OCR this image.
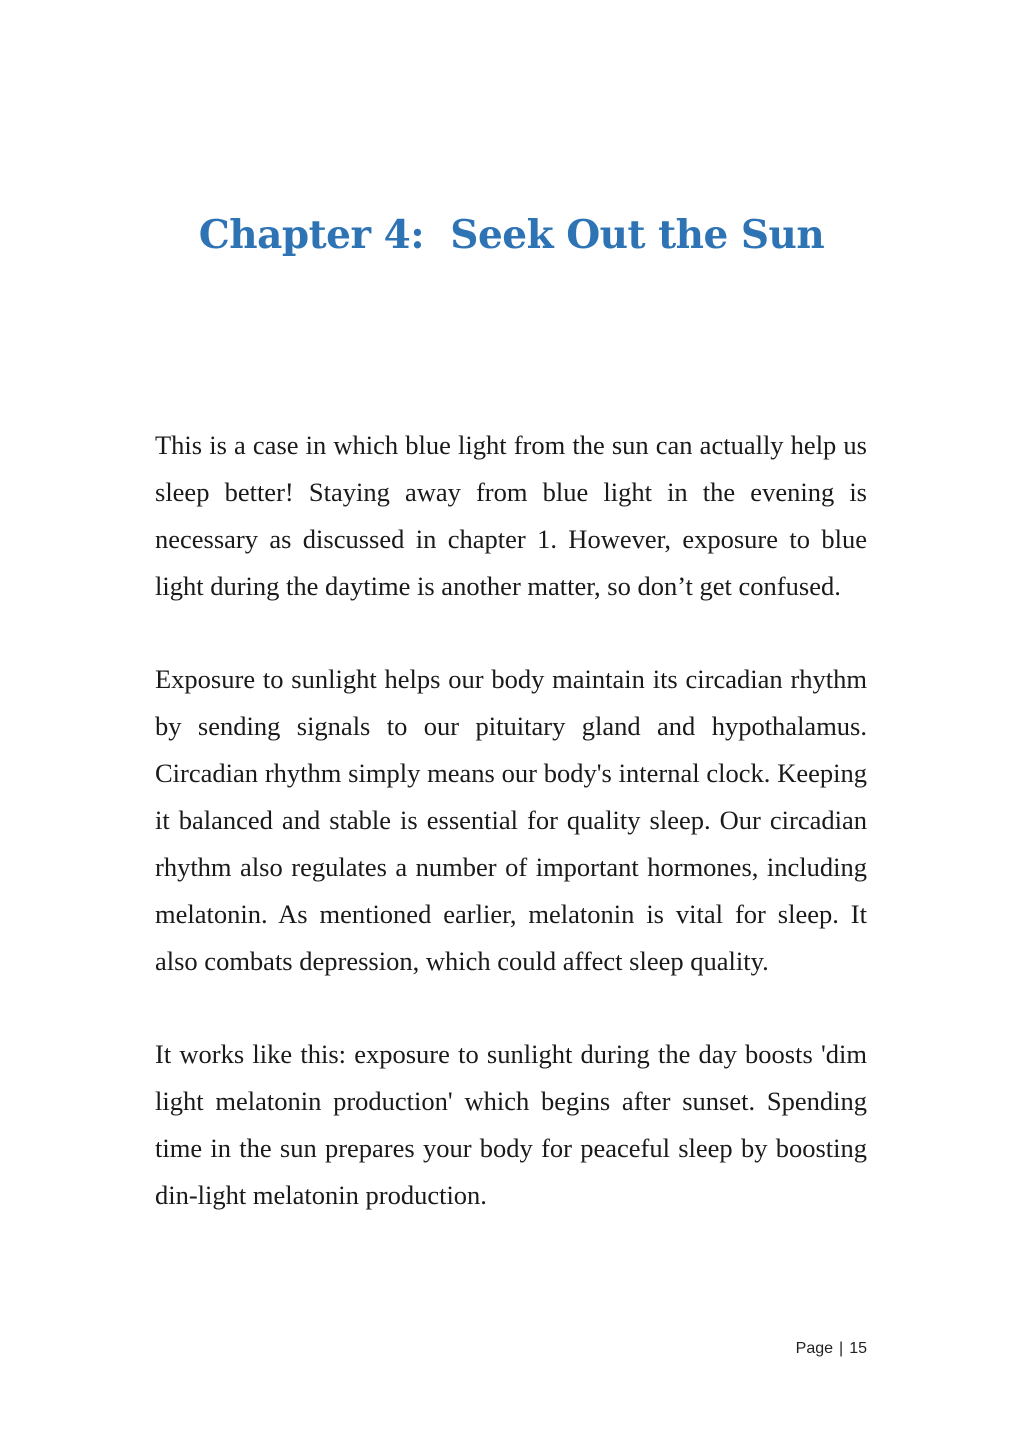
Chapter 4:  Seek Out the Sun

This is a case in which blue light from the sun can actually help us sleep better! Staying away from blue light in the evening is necessary as discussed in chapter 1. However, exposure to blue light during the daytime is another matter, so don’t get confused.

Exposure to sunlight helps our body maintain its circadian rhythm by sending signals to our pituitary gland and hypothalamus. Circadian rhythm simply means our body's internal clock. Keeping it balanced and stable is essential for quality sleep. Our circadian rhythm also regulates a number of important hormones, including melatonin. As mentioned earlier, melatonin is vital for sleep. It also combats depression, which could affect sleep quality.

It works like this: exposure to sunlight during the day boosts 'dim light melatonin production' which begins after sunset. Spending time in the sun prepares your body for peaceful sleep by boosting din-light melatonin production.

Page | 15
